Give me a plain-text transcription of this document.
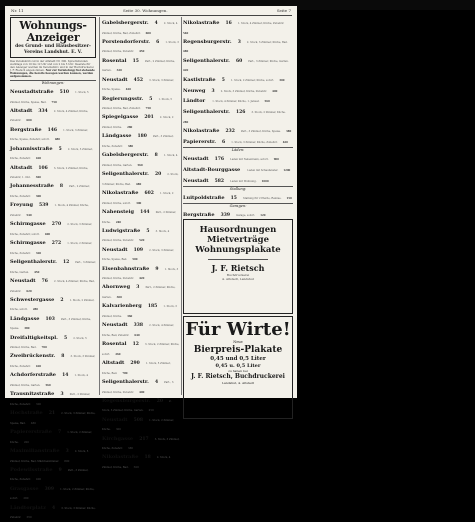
Nr. 11	Seite 30. Wohnungen.	Seite 7
Wohnungs-Anzeiger
des Grund- und Hausbesitzer-Vereins Landshut. E. V.
Das Vereinsbüro ist in der Altstadt Nr. 300. Sprechstunden werktags von 10 bis 12 Uhr und von 2 bis 5 Uhr. Inserate für den Anzeiger werden im Vereinsbüro und in der Buchdruckerei J. F. Rietsch angenommen. Nur zur Vermietung frei stehende Wohnungen, die bereits bezogen werden können, werden aufgenommen.
Wohnungen:
Neustadtstraße 510 1. Stock, 5 Zimmer, Küche, Speise, Bad. 750
Altstadt 334 2. Stock, 4 Zimmer, Küche, Zubehör. 600
Bergstraße 146 1. Stock, 3 Zimmer, Küche, Speise, Zubehör, sofort. 480
Johannisstraße 5 2. Stock, 3 Zimmer, Küche, Zubehör. 420
Altstadt 106 3. Stock, 2 Zimmer, Küche, Zubehör, 1. Okt. 360
Johannesstraße 8 Part., 2 Zimmer, Küche, Zubehör. 300
Freyung 539 1. Stock, 4 Zimmer, Küche, Zubehör. 540
Schirmgasse 270 2. Stock, 3 Zimmer, Küche, Zubehör, sofort. 400
Schirmgasse 272 1. Stock, 2 Zimmer, Küche, Zubehör. 320
Seligenthalerstr. 12 Part., 3 Zimmer, Küche, Garten. 450
Neustadt 76 2. Stock, 4 Zimmer, Küche, Bad, Zubehör. 620
Schwestergasse 2 1. Stock, 2 Zimmer, Küche, sofort. 280
Ländgasse 103 Part., 3 Zimmer, Küche, Speise. 380
Dreifaltigkeitspl. 5 2. Stock, 5 Zimmer, Küche, Bad. 700
Zweibrückenstr. 8 3. Stock, 3 Zimmer, Küche, Zubehör. 420
Achdorferstraße 14 1. Stock, 4 Zimmer, Küche, Garten. 560
Trausnitzstraße 3 Part., 2 Zimmer, Küche, Zubehör. 300
Hochstraße 21 2. Stock, 3 Zimmer, Küche, Speise, Bad. 480
Papiererstraße 7 1. Stock, 2 Zimmer, Küche. 260
Maximilianstraße 3 2. Stock, 5 Zimmer, Küche, Bad, Mädchenzimmer. 800
Podewilsstraße 9 Part., 3 Zimmer, Küche, Zubehör. 400
Grasgasse 309 1. Stock, 2 Zimmer, Küche, sofort. 280
Ländtorplatz 4 3. Stock, 3 Zimmer, Küche, Zubehör. 390
Gabelsbergerstr. 4 2. Stock, 4 Zimmer, Küche, Bad, Zubehör. 600
Porstendorferstr. 6 1. Stock, 3 Zimmer, Küche, Zubehör. 450
Rosental 15 Part., 2 Zimmer, Küche, Garten. 320
Neustadt 452 3. Stock, 3 Zimmer, Küche, Speise. 420
Regierungsstr. 5 1. Stock, 5 Zimmer, Küche, Bad, Zubehör. 750
Spiegelgasse 201 2. Stock, 2 Zimmer, Küche. 280
Ländgasse 180 Part., 3 Zimmer, Küche, Zubehör. 380
Gabelsbergerstr. 8 1. Stock, 4 Zimmer, Küche, Garten. 560
Seligenthalerstr. 20 2. Stock, 3 Zimmer, Küche, Bad. 480
Nikolastraße 602 1. Stock, 2 Zimmer, Küche, sofort. 300
Nahensteig 144 Part., 2 Zimmer, Küche. 240
Ludwigstraße 5 3. Stock, 4 Zimmer, Küche, Zubehör. 520
Neustadt 109 2. Stock, 3 Zimmer, Küche, Speise, Bad. 500
Eisenbahnstraße 9 1. Stock, 3 Zimmer, Küche, Zubehör. 420
Ahornweg 3 Part., 2 Zimmer, Küche, Garten. 300
Kalvarienberg 185 1. Stock, 3 Zimmer, Küche. 360
Neustadt 338 2. Stock, 4 Zimmer, Küche, Bad, Zubehör. 640
Rosental 12 3. Stock, 2 Zimmer, Küche, sofort. 260
Altstadt 290 1. Stock, 5 Zimmer, Küche, Bad. 780
Seligenthalerstr. 4 Part., 3 Zimmer, Küche, Zubehör. 400
Regensburgerstr. 20 2. Stock, 3 Zimmer, Küche, Garten. 450
Neustadt 508 1. Stock, 2 Zimmer, Küche. 300
Kirchgasse 217 3. Stock, 3 Zimmer, Küche, Zubehör. 380
Nikolastraße 18 2. Stock, 4 Zimmer, Küche, Bad. 560
Nikolastraße 16 1. Stock, 4 Zimmer, Küche, Zubehör. 540
Regensburgerstr. 3 2. Stock, 3 Zimmer, Küche, Bad. 480
Seligenthalerstr. 60 Part., 3 Zimmer, Küche, Garten. 420
Kastlstraße 5 1. Stock, 2 Zimmer, Küche, sofort. 300
Neuweg 3 2. Stock, 3 Zimmer, Küche, Zubehör. 400
Ländtor	1. Stock, 4 Zimmer, Küche, 1. Januar. 560
Seligenthalerstr. 126 3. Stock, 2 Zimmer, Küche. 280
Nikolastraße 232 Part., 3 Zimmer, Küche, Speise. 380
Papiererstr. 6 1. Stock, 3 Zimmer, Küche, Zubehör. 420
Läden:
Neustadt 176 Laden mit Nebenraum, sofort. 900
Altstadt-Bourggasse	Laden mit Schaufenster. 1200
Neustadt 582 Laden mit Wohnung. 1000
Stallung:
Luitpoldstraße 15 Stallung für 2 Pferde, Remise. 150
Garagen:
Bergstraße 339 Garage, sofort. 120
Hausordnungen
Mietverträge
Wohnungsplakate
J. F. Rietsch
Buchdruckerei
4. Altstadt, Landshut
Für Wirte!
Neue
Bierpreis-Plakate
0,45 und 0,5 Liter
0,45 u. 0,5 Liter
zu haben bei
J. F. Rietsch, Buchdruckerei
Landshut, 4. Altstadt
